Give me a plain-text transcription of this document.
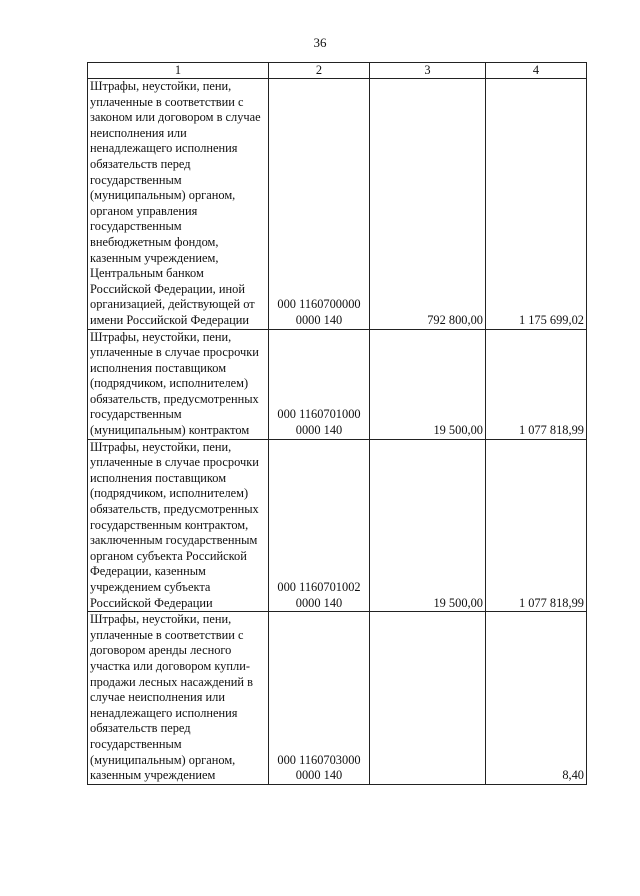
36
1	2	3	4
Штрафы, неустойки, пени, уплаченные в соответствии с законом или договором в случае неисполнения или ненадлежащего исполнения обязательств перед государственным (муниципальным) органом, органом управления государственным внебюджетным фондом, казенным учреждением, Центральным банком Российской Федерации, иной организацией, действующей от имени Российской Федерации	000 1160700000 0000 140	792 800,00	1 175 699,02
Штрафы, неустойки, пени, уплаченные в случае просрочки исполнения поставщиком (подрядчиком, исполнителем) обязательств, предусмотренных государственным (муниципальным) контрактом	000 1160701000 0000 140	19 500,00	1 077 818,99
Штрафы, неустойки, пени, уплаченные в случае просрочки исполнения поставщиком (подрядчиком, исполнителем) обязательств, предусмотренных государственным контрактом, заключенным государственным органом субъекта Российской Федерации, казенным учреждением субъекта Российской Федерации	000 1160701002 0000 140	19 500,00	1 077 818,99
Штрафы, неустойки, пени, уплаченные в соответствии с договором аренды лесного участка или договором купли-продажи лесных насаждений в случае неисполнения или ненадлежащего исполнения обязательств перед государственным (муниципальным) органом, казенным учреждением	000 1160703000 0000 140		8,40
